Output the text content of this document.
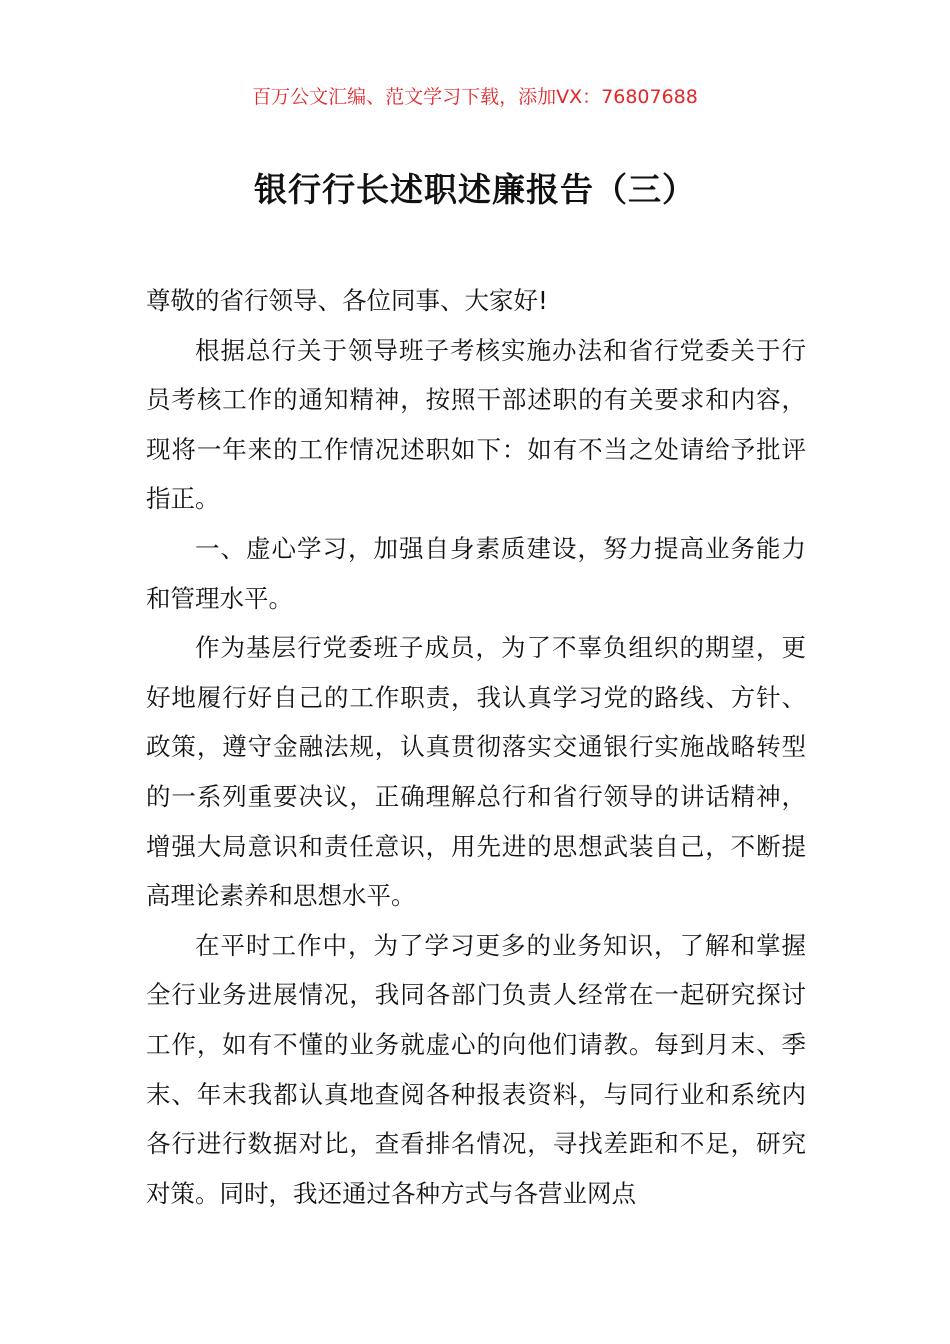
百万公文汇编、范文学习下载，添加VX：76807688
银行行长述职述廉报告（三）

尊敬的省行领导、各位同事、大家好!

根据总行关于领导班子考核实施办法和省行党委关于行员考核工作的通知精神，按照干部述职的有关要求和内容，现将一年来的工作情况述职如下：如有不当之处请给予批评指正。

一、虚心学习，加强自身素质建设，努力提高业务能力和管理水平。

作为基层行党委班子成员，为了不辜负组织的期望，更好地履行好自己的工作职责，我认真学习党的路线、方针、政策，遵守金融法规，认真贯彻落实交通银行实施战略转型的一系列重要决议，正确理解总行和省行领导的讲话精神，增强大局意识和责任意识，用先进的思想武装自己，不断提高理论素养和思想水平。

在平时工作中，为了学习更多的业务知识，了解和掌握全行业务进展情况，我同各部门负责人经常在一起研究探讨工作，如有不懂的业务就虚心的向他们请教。每到月末、季末、年末我都认真地查阅各种报表资料，与同行业和系统内各行进行数据对比，查看排名情况，寻找差距和不足，研究对策。同时，我还通过各种方式与各营业网点
